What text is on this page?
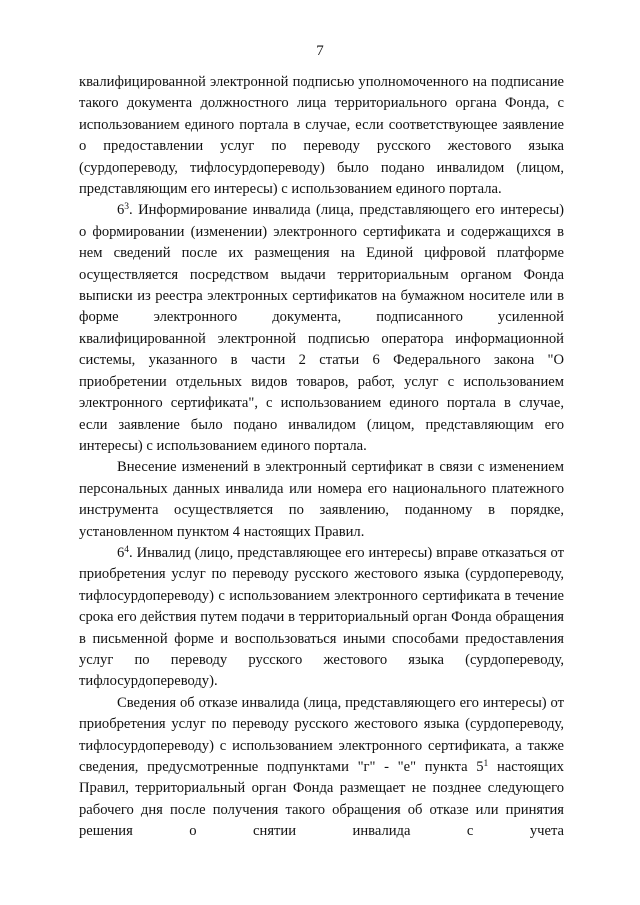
7

квалифицированной электронной подписью уполномоченного на подписание такого документа должностного лица территориального органа Фонда, с использованием единого портала в случае, если соответствующее заявление о предоставлении услуг по переводу русского жестового языка (сурдопереводу, тифлосурдопереводу) было подано инвалидом (лицом, представляющим его интересы) с использованием единого портала.

$6^3$. Информирование инвалида (лица, представляющего его интересы) о формировании (изменении) электронного сертификата и содержащихся в нем сведений после их размещения на Единой цифровой платформе осуществляется посредством выдачи территориальным органом Фонда выписки из реестра электронных сертификатов на бумажном носителе или в форме электронного документа, подписанного усиленной квалифицированной электронной подписью оператора информационной системы, указанного в части 2 статьи 6 Федерального закона "О приобретении отдельных видов товаров, работ, услуг с использованием электронного сертификата", с использованием единого портала в случае, если заявление было подано инвалидом (лицом, представляющим его интересы) с использованием единого портала.

Внесение изменений в электронный сертификат в связи с изменением персональных данных инвалида или номера его национального платежного инструмента осуществляется по заявлению, поданному в порядке, установленном пунктом 4 настоящих Правил.

$6^4$. Инвалид (лицо, представляющее его интересы) вправе отказаться от приобретения услуг по переводу русского жестового языка (сурдопереводу, тифлосурдопереводу) с использованием электронного сертификата в течение срока его действия путем подачи в территориальный орган Фонда обращения в письменной форме и воспользоваться иными способами предоставления услуг по переводу русского жестового языка (сурдопереводу, тифлосурдопереводу).

Сведения об отказе инвалида (лица, представляющего его интересы) от приобретения услуг по переводу русского жестового языка (сурдопереводу, тифлосурдопереводу) с использованием электронного сертификата, а также сведения, предусмотренные подпунктами "г" - "е" пункта $5^1$ настоящих Правил, территориальный орган Фонда размещает не позднее следующего рабочего дня после получения такого обращения об отказе или принятия решения о снятии инвалида с учета
